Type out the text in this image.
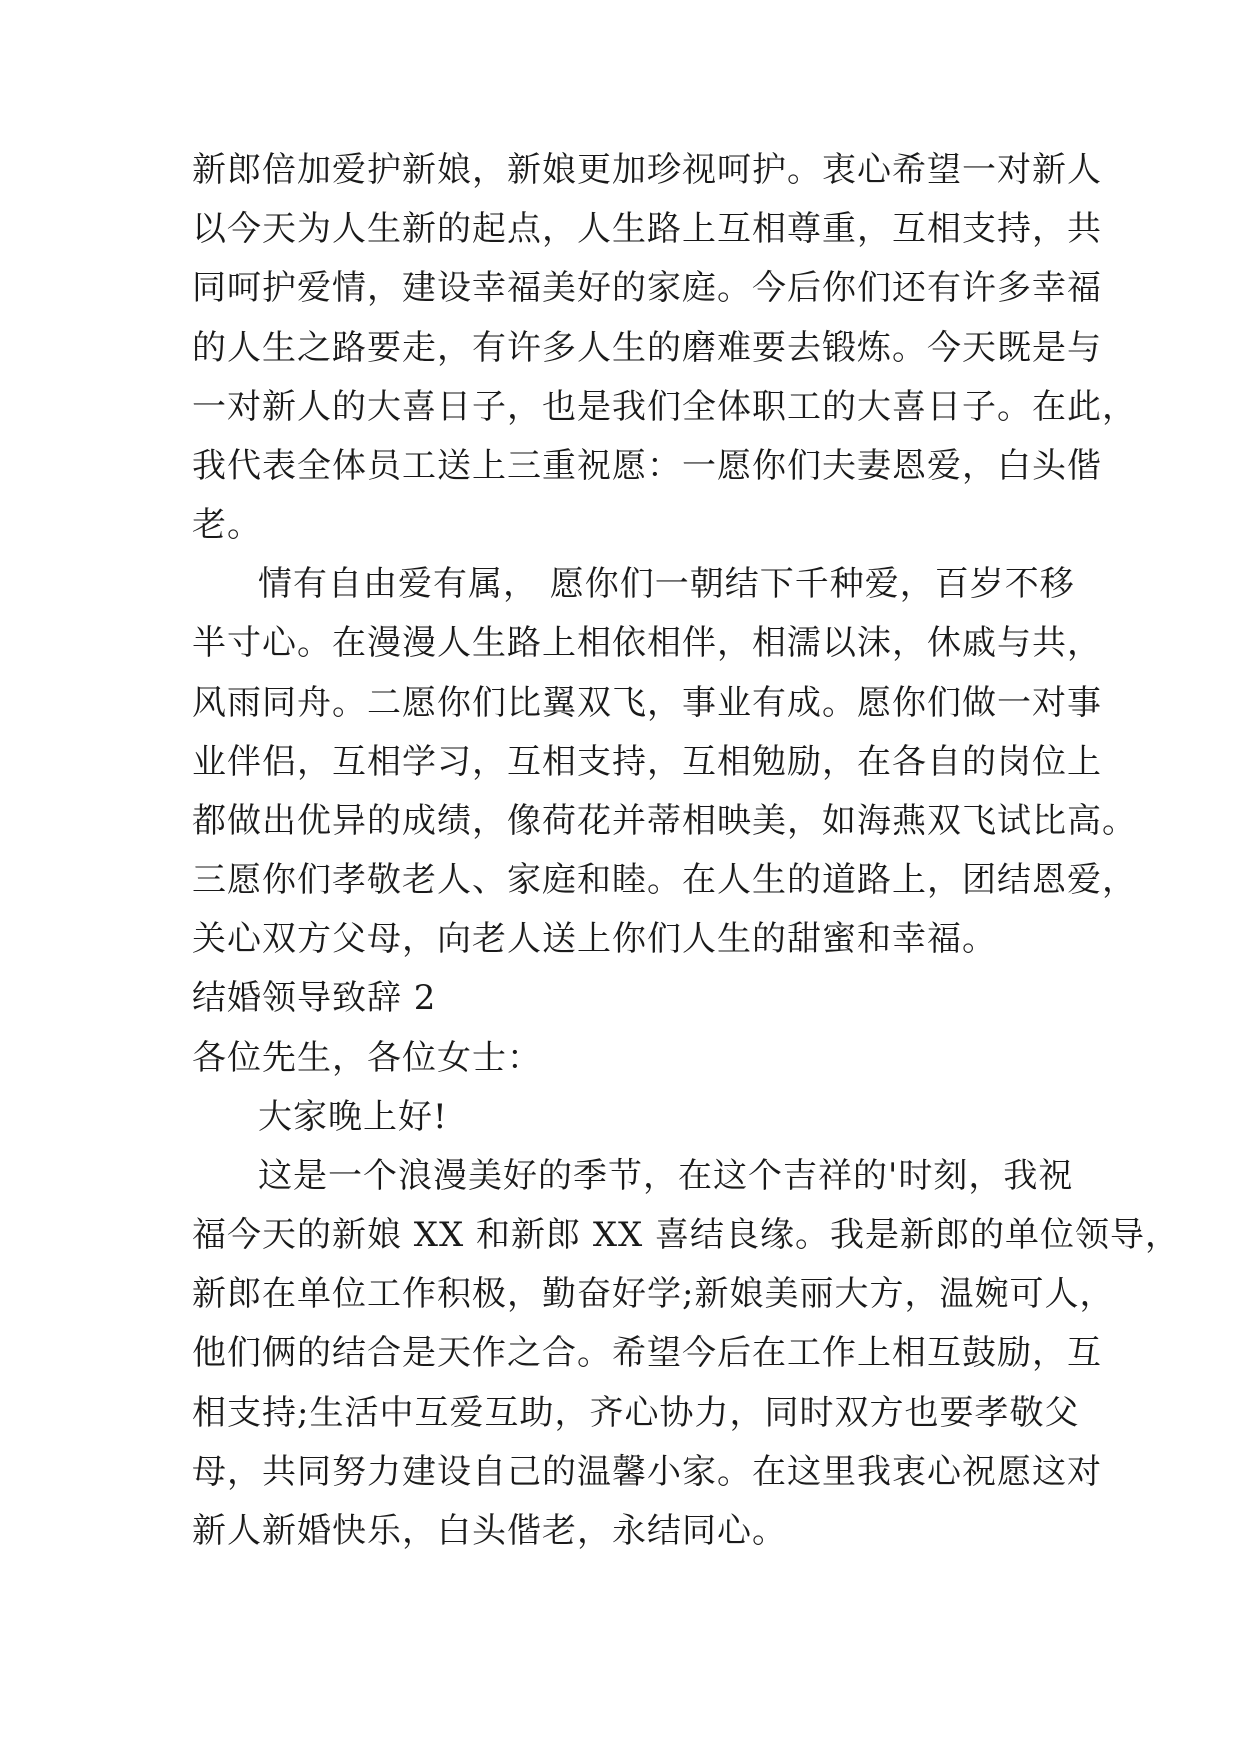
新郎倍加爱护新娘，新娘更加珍视呵护。衷心希望一对新人
以今天为人生新的起点，人生路上互相尊重，互相支持，共
同呵护爱情，建设幸福美好的家庭。今后你们还有许多幸福
的人生之路要走，有许多人生的磨难要去锻炼。今天既是与
一对新人的大喜日子，也是我们全体职工的大喜日子。在此，
我代表全体员工送上三重祝愿：一愿你们夫妻恩爱，白头偕
老。
情有自由爱有属， 愿你们一朝结下千种爱，百岁不移
半寸心。在漫漫人生路上相依相伴，相濡以沫，休戚与共，
风雨同舟。二愿你们比翼双飞，事业有成。愿你们做一对事
业伴侣，互相学习，互相支持，互相勉励，在各自的岗位上
都做出优异的成绩，像荷花并蒂相映美，如海燕双飞试比高。
三愿你们孝敬老人、家庭和睦。在人生的道路上，团结恩爱，
关心双方父母，向老人送上你们人生的甜蜜和幸福。
结婚领导致辞 2
各位先生，各位女士：
大家晚上好!
这是一个浪漫美好的季节，在这个吉祥的'时刻，我祝
福今天的新娘 XX 和新郎 XX 喜结良缘。我是新郎的单位领导，
新郎在单位工作积极，勤奋好学;新娘美丽大方，温婉可人，
他们俩的结合是天作之合。希望今后在工作上相互鼓励，互
相支持;生活中互爱互助，齐心协力，同时双方也要孝敬父
母，共同努力建设自己的温馨小家。在这里我衷心祝愿这对
新人新婚快乐，白头偕老，永结同心。
